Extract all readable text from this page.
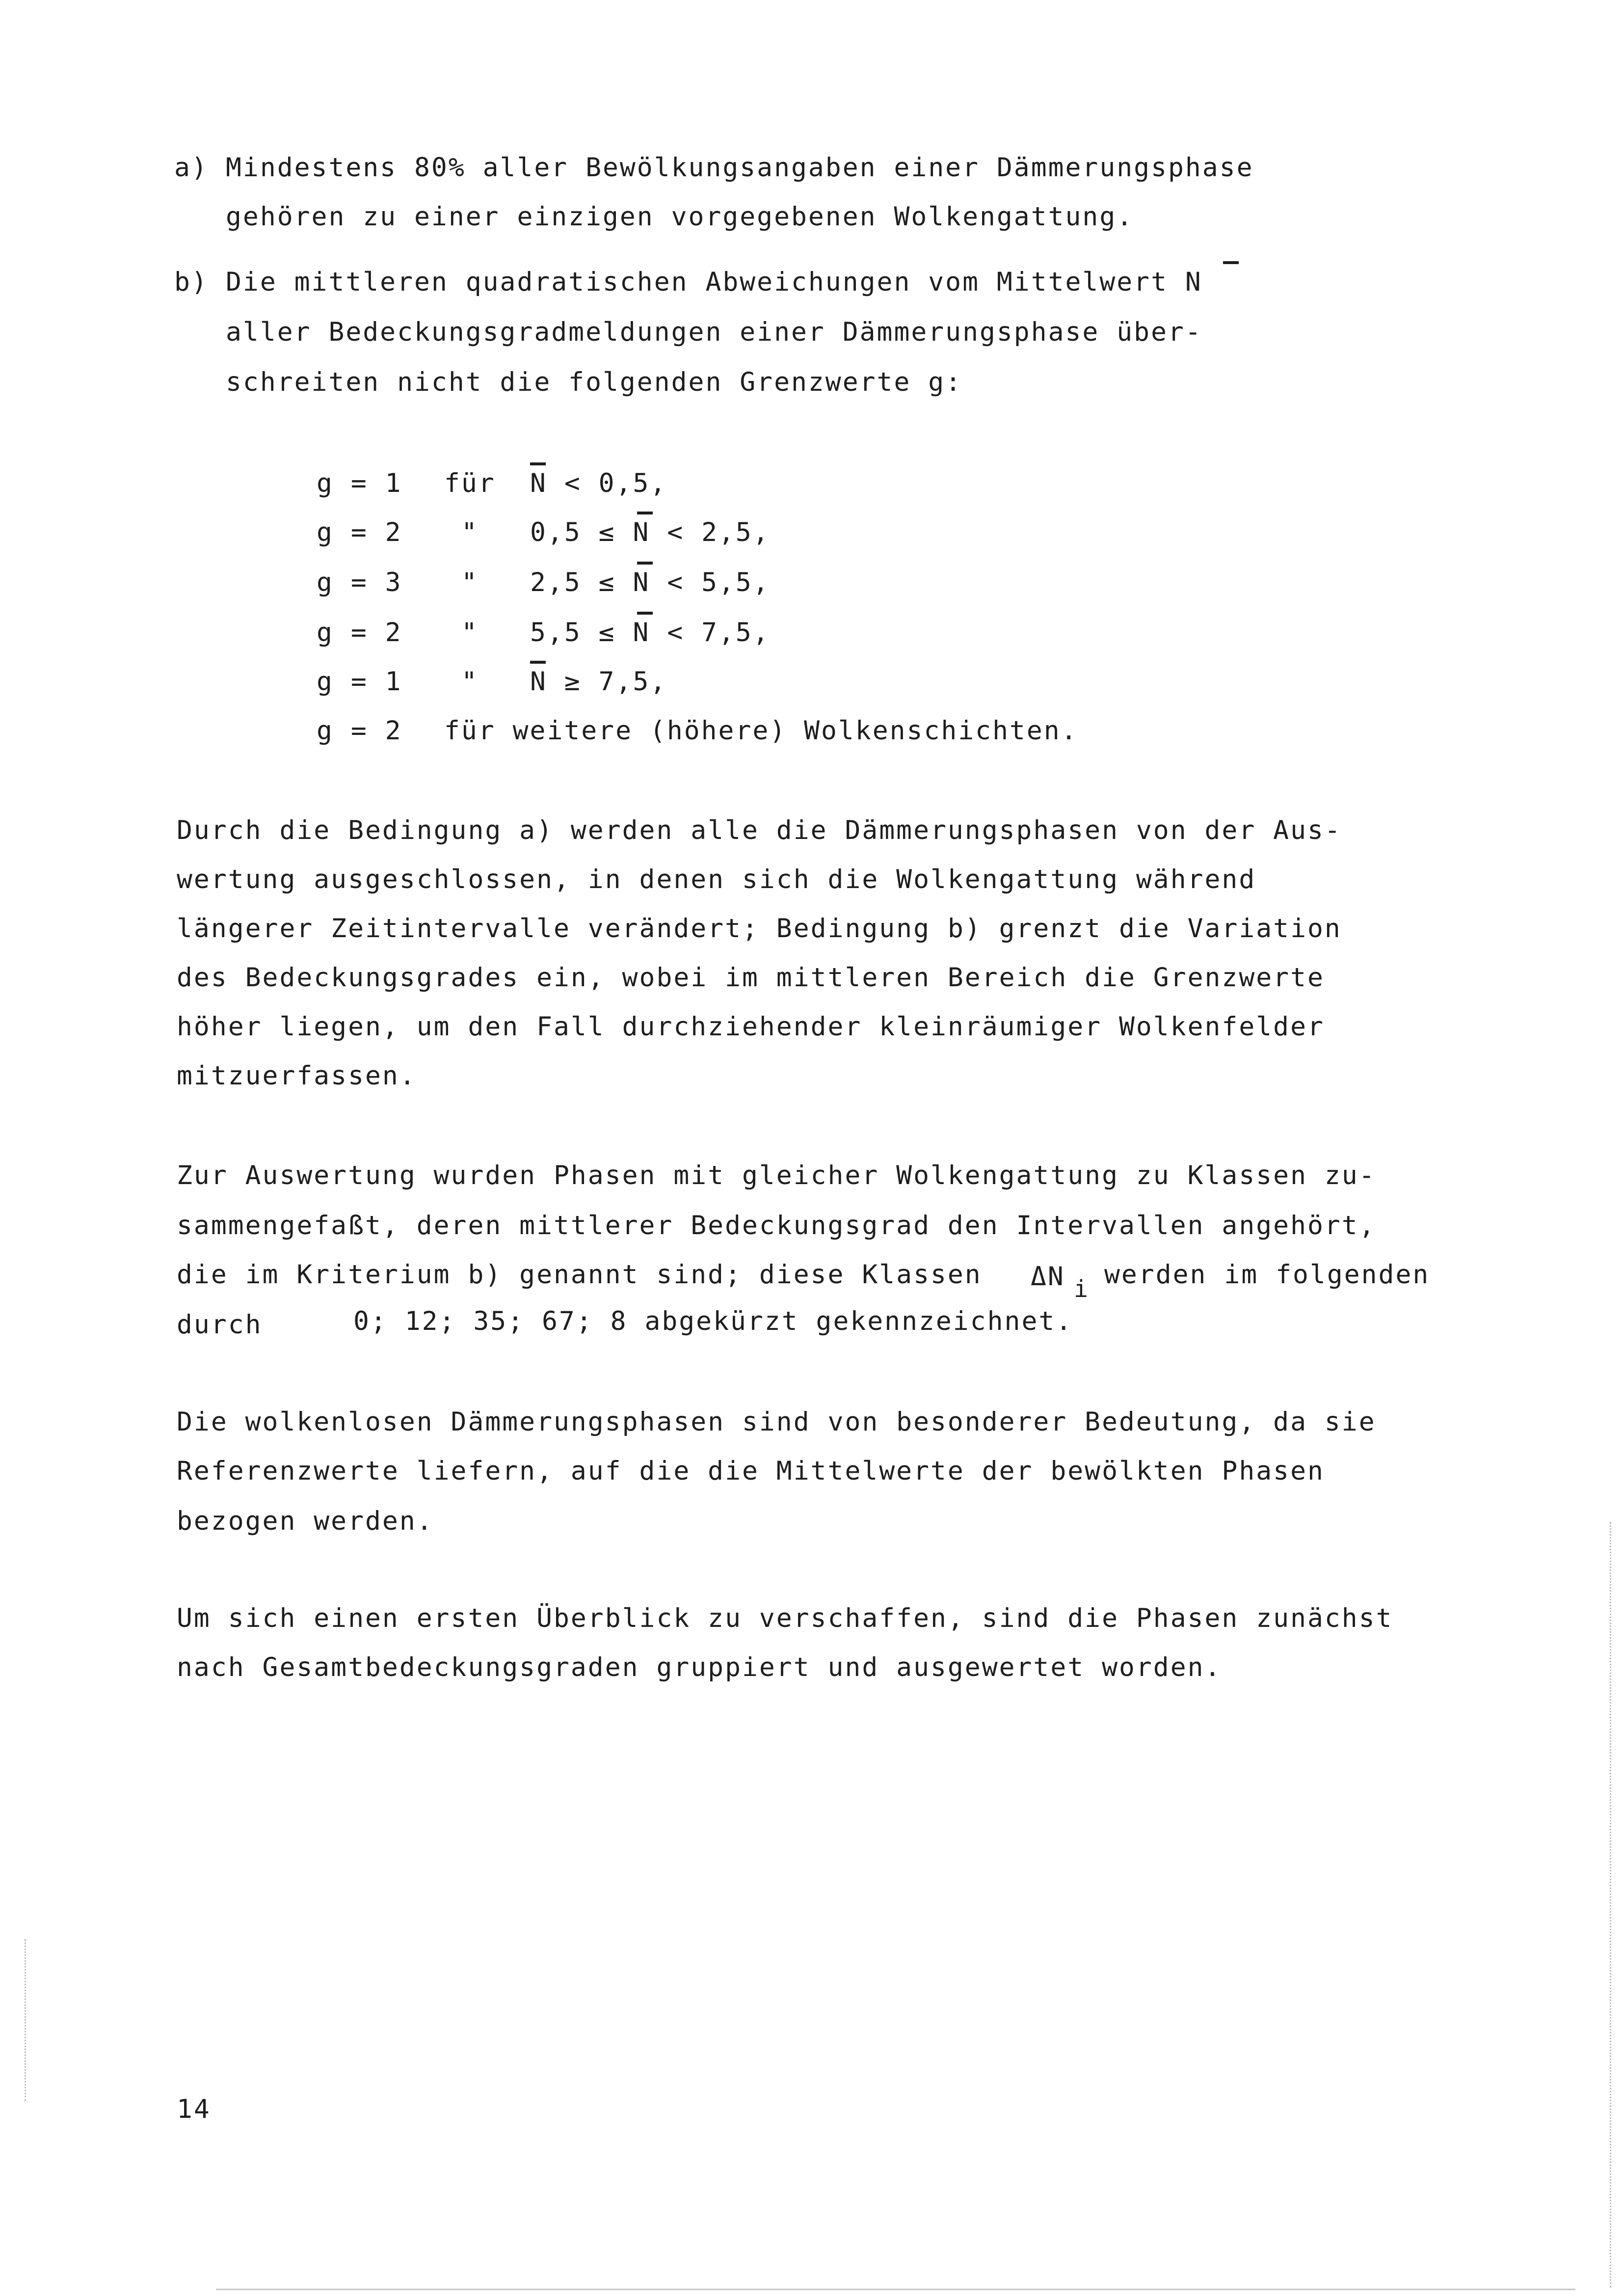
a) Mindestens 80% aller Bewölkungsangaben einer Dämmerungsphase
gehören zu einer einzigen vorgegebenen Wolkengattung.
b) Die mittleren quadratischen Abweichungen vom Mittelwert N
aller Bedeckungsgradmeldungen einer Dämmerungsphase über-
schreiten nicht die folgenden Grenzwerte g:
g = 1 für N < 0,5,
g = 2 " 0,5 ≤ N < 2,5,
g = 3 " 2,5 ≤ N < 5,5,
g = 2 " 5,5 ≤ N < 7,5,
g = 1 " N ≥ 7,5,
g = 2 für weitere (höhere) Wolkenschichten.
Durch die Bedingung a) werden alle die Dämmerungsphasen von der Aus-
wertung ausgeschlossen, in denen sich die Wolkengattung während
längerer Zeitintervalle verändert; Bedingung b) grenzt die Variation
des Bedeckungsgrades ein, wobei im mittleren Bereich die Grenzwerte
höher liegen, um den Fall durchziehender kleinräumiger Wolkenfelder
mitzuerfassen.
Zur Auswertung wurden Phasen mit gleicher Wolkengattung zu Klassen zu-
sammengefaßt, deren mittlerer Bedeckungsgrad den Intervallen angehört,
die im Kriterium b) genannt sind; diese Klassen ΔN i werden im folgenden
durch	0; 12; 35; 67; 8 abgekürzt gekennzeichnet.
Die wolkenlosen Dämmerungsphasen sind von besonderer Bedeutung, da sie
Referenzwerte liefern, auf die die Mittelwerte der bewölkten Phasen
bezogen werden.
Um sich einen ersten Überblick zu verschaffen, sind die Phasen zunächst
nach Gesamtbedeckungsgraden gruppiert und ausgewertet worden.
14
